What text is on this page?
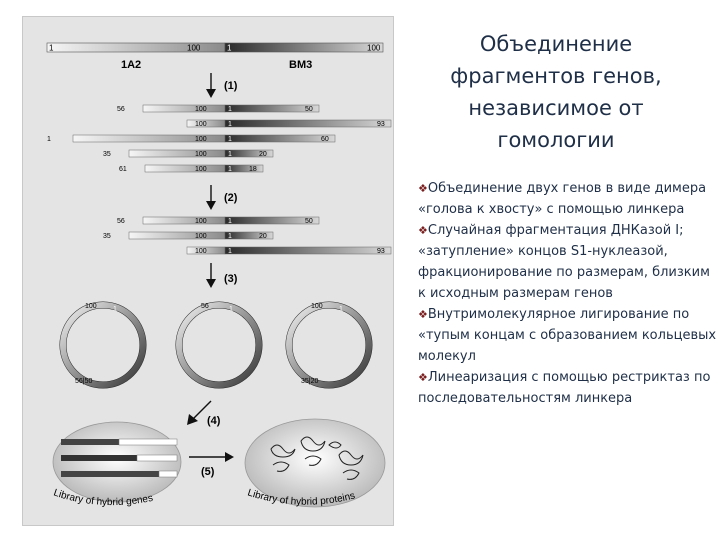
1	100	1	100
1A2	BM3
(1)
56	100	1	50
100	1	93
1	100	1	60
35	100	1	20
61	100	1 18
(2)
56	100	1	50
35	100	1	20
100	1	93
(3)
100 1
56|50
56	1	100 1
35|20
(4)
Library of hybrid genes
(5)
Library of hybrid proteins
Объединение фрагментов генов, независимое от гомологии
❖Объединение двух генов в виде димера «голова к хвосту» с помощью линкера
❖Случайная фрагментация ДНКазой I; «затупление» концов S1-нуклеазой, фракционирование по размерам, близким к исходным размерам генов
❖Внутримолекулярное лигирование по «тупым концам с образованием кольцевых молекул
❖Линеаризация с помощью рестриктаз по последовательностям линкера
